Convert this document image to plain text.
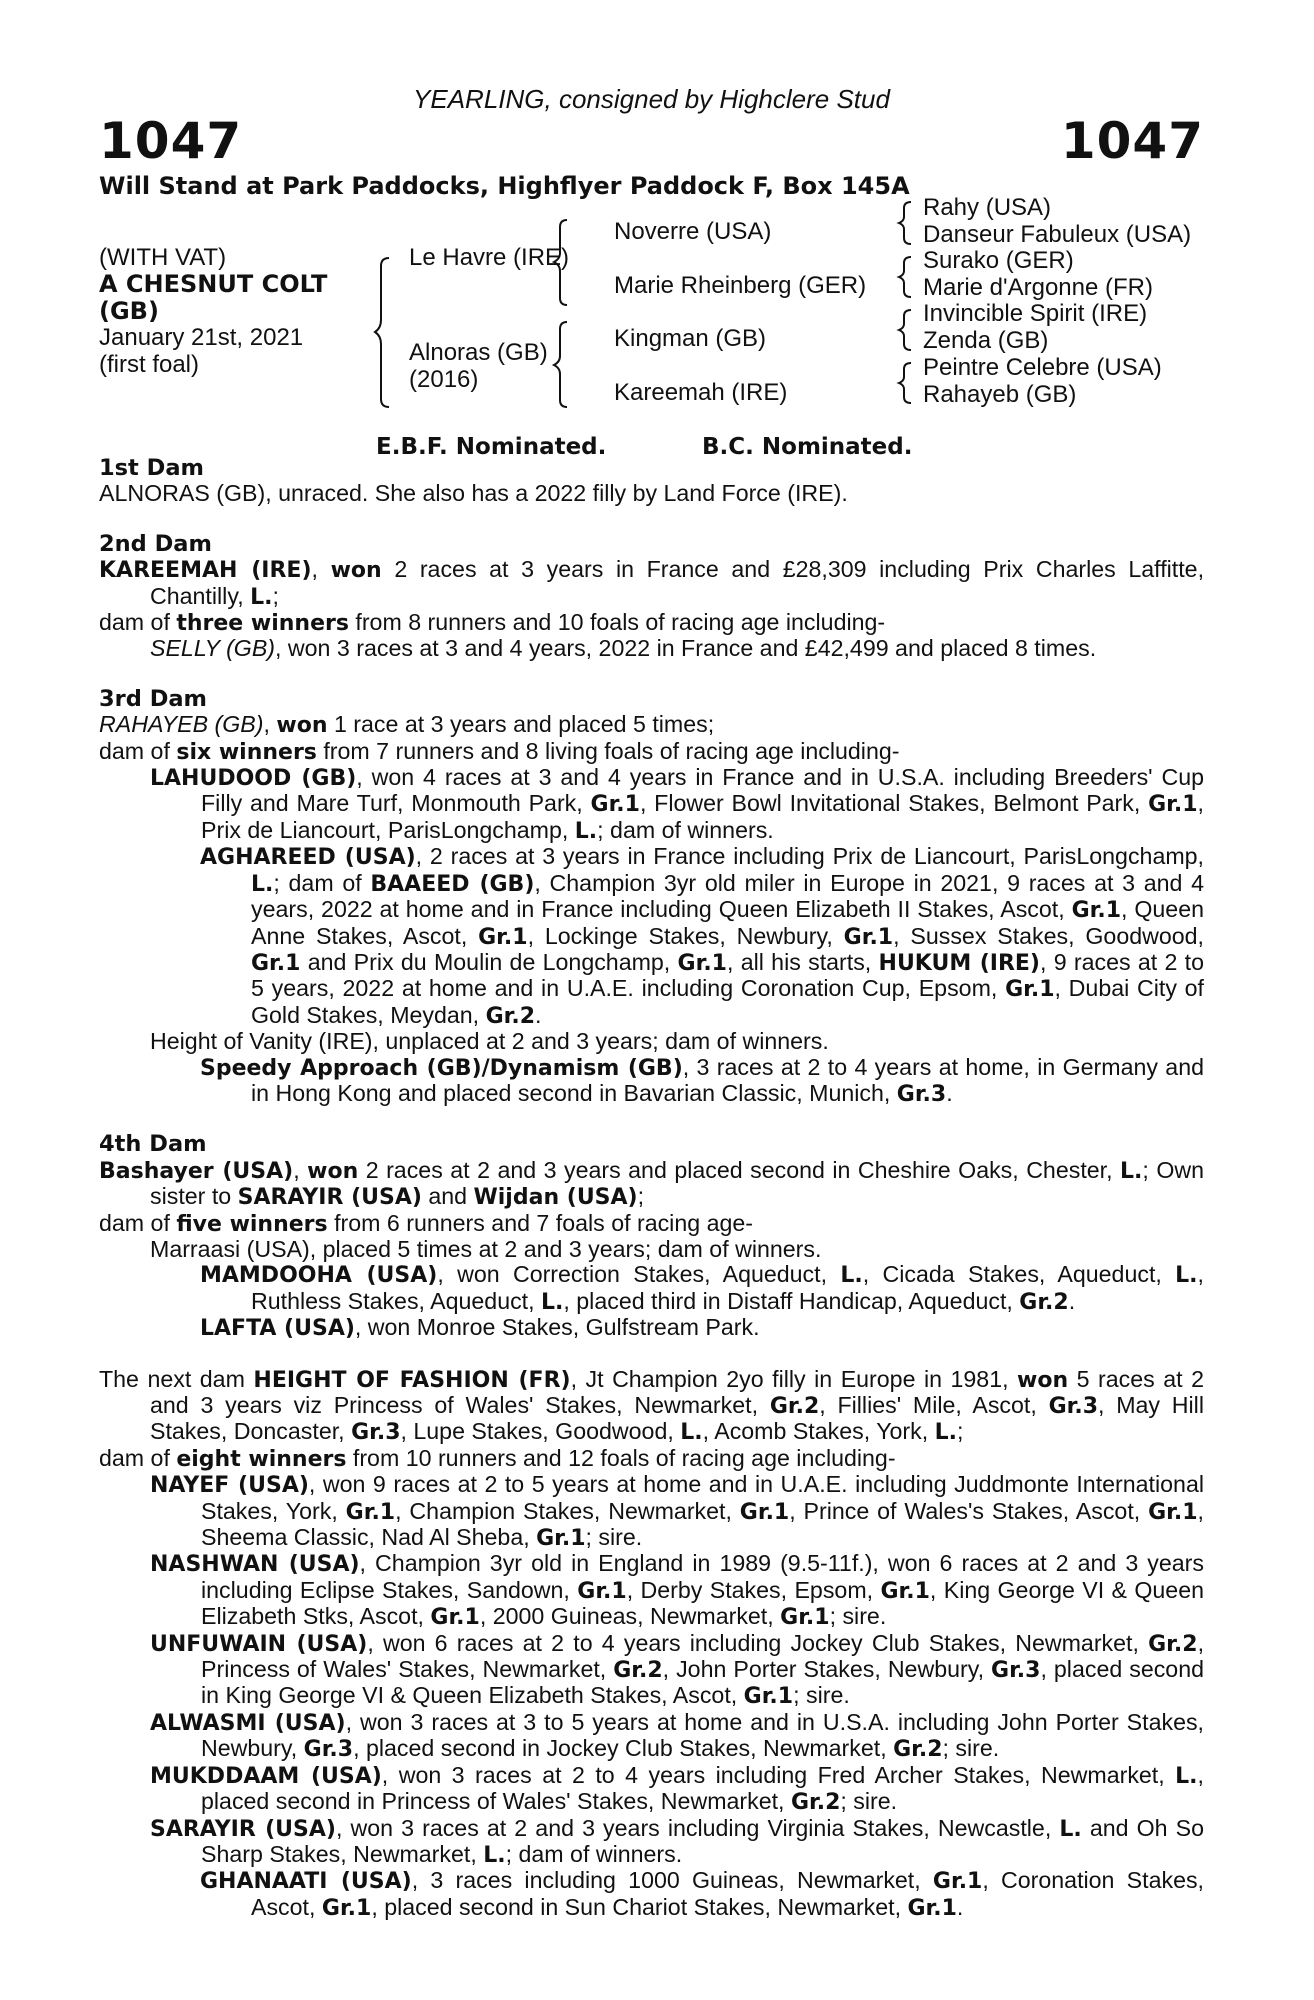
YEARLING, consigned by Highclere Stud
1047	1047
Will Stand at Park Paddocks, Highflyer Paddock F, Box 145A
(WITH VAT)
A CHESNUT COLT
(GB)
January 21st, 2021
(first foal)
Le Havre (IRE)
Alnoras (GB)
(2016)
Noverre (USA)
Marie Rheinberg (GER)
Kingman (GB)
Kareemah (IRE)
Rahy (USA)
Danseur Fabuleux (USA)
Surako (GER)
Marie d'Argonne (FR)
Invincible Spirit (IRE)
Zenda (GB)
Peintre Celebre (USA)
Rahayeb (GB)
E.B.F. Nominated.	B.C. Nominated.
1st Dam
ALNORAS (GB), unraced. She also has a 2022 filly by Land Force (IRE).
2nd Dam
KAREEMAH (IRE), won 2 races at 3 years in France and £28,309 including Prix Charles Laffitte, Chantilly, L.;
dam of three winners from 8 runners and 10 foals of racing age including-
SELLY (GB), won 3 races at 3 and 4 years, 2022 in France and £42,499 and placed 8 times.
3rd Dam
RAHAYEB (GB), won 1 race at 3 years and placed 5 times;
dam of six winners from 7 runners and 8 living foals of racing age including-
LAHUDOOD (GB), won 4 races at 3 and 4 years in France and in U.S.A. including Breeders' Cup Filly and Mare Turf, Monmouth Park, Gr.1, Flower Bowl Invitational Stakes, Belmont Park, Gr.1, Prix de Liancourt, ParisLongchamp, L.; dam of winners.
AGHAREED (USA), 2 races at 3 years in France including Prix de Liancourt, ParisLongchamp, L.; dam of BAAEED (GB), Champion 3yr old miler in Europe in 2021, 9 races at 3 and 4 years, 2022 at home and in France including Queen Elizabeth II Stakes, Ascot, Gr.1, Queen Anne Stakes, Ascot, Gr.1, Lockinge Stakes, Newbury, Gr.1, Sussex Stakes, Goodwood, Gr.1 and Prix du Moulin de Longchamp, Gr.1, all his starts, HUKUM (IRE), 9 races at 2 to 5 years, 2022 at home and in U.A.E. including Coronation Cup, Epsom, Gr.1, Dubai City of Gold Stakes, Meydan, Gr.2.
Height of Vanity (IRE), unplaced at 2 and 3 years; dam of winners.
Speedy Approach (GB)/Dynamism (GB), 3 races at 2 to 4 years at home, in Germany and in Hong Kong and placed second in Bavarian Classic, Munich, Gr.3.
4th Dam
Bashayer (USA), won 2 races at 2 and 3 years and placed second in Cheshire Oaks, Chester, L.; Own sister to SARAYIR (USA) and Wijdan (USA);
dam of five winners from 6 runners and 7 foals of racing age-
Marraasi (USA), placed 5 times at 2 and 3 years; dam of winners.
MAMDOOHA (USA), won Correction Stakes, Aqueduct, L., Cicada Stakes, Aqueduct, L., Ruthless Stakes, Aqueduct, L., placed third in Distaff Handicap, Aqueduct, Gr.2.
LAFTA (USA), won Monroe Stakes, Gulfstream Park.
The next dam HEIGHT OF FASHION (FR), Jt Champion 2yo filly in Europe in 1981, won 5 races at 2 and 3 years viz Princess of Wales' Stakes, Newmarket, Gr.2, Fillies' Mile, Ascot, Gr.3, May Hill Stakes, Doncaster, Gr.3, Lupe Stakes, Goodwood, L., Acomb Stakes, York, L.;
dam of eight winners from 10 runners and 12 foals of racing age including-
NAYEF (USA), won 9 races at 2 to 5 years at home and in U.A.E. including Juddmonte International Stakes, York, Gr.1, Champion Stakes, Newmarket, Gr.1, Prince of Wales's Stakes, Ascot, Gr.1, Sheema Classic, Nad Al Sheba, Gr.1; sire.
NASHWAN (USA), Champion 3yr old in England in 1989 (9.5-11f.), won 6 races at 2 and 3 years including Eclipse Stakes, Sandown, Gr.1, Derby Stakes, Epsom, Gr.1, King George VI & Queen Elizabeth Stks, Ascot, Gr.1, 2000 Guineas, Newmarket, Gr.1; sire.
UNFUWAIN (USA), won 6 races at 2 to 4 years including Jockey Club Stakes, Newmarket, Gr.2, Princess of Wales' Stakes, Newmarket, Gr.2, John Porter Stakes, Newbury, Gr.3, placed second in King George VI & Queen Elizabeth Stakes, Ascot, Gr.1; sire.
ALWASMI (USA), won 3 races at 3 to 5 years at home and in U.S.A. including John Porter Stakes, Newbury, Gr.3, placed second in Jockey Club Stakes, Newmarket, Gr.2; sire.
MUKDDAAM (USA), won 3 races at 2 to 4 years including Fred Archer Stakes, Newmarket, L., placed second in Princess of Wales' Stakes, Newmarket, Gr.2; sire.
SARAYIR (USA), won 3 races at 2 and 3 years including Virginia Stakes, Newcastle, L. and Oh So Sharp Stakes, Newmarket, L.; dam of winners.
GHANAATI (USA), 3 races including 1000 Guineas, Newmarket, Gr.1, Coronation Stakes, Ascot, Gr.1, placed second in Sun Chariot Stakes, Newmarket, Gr.1.
